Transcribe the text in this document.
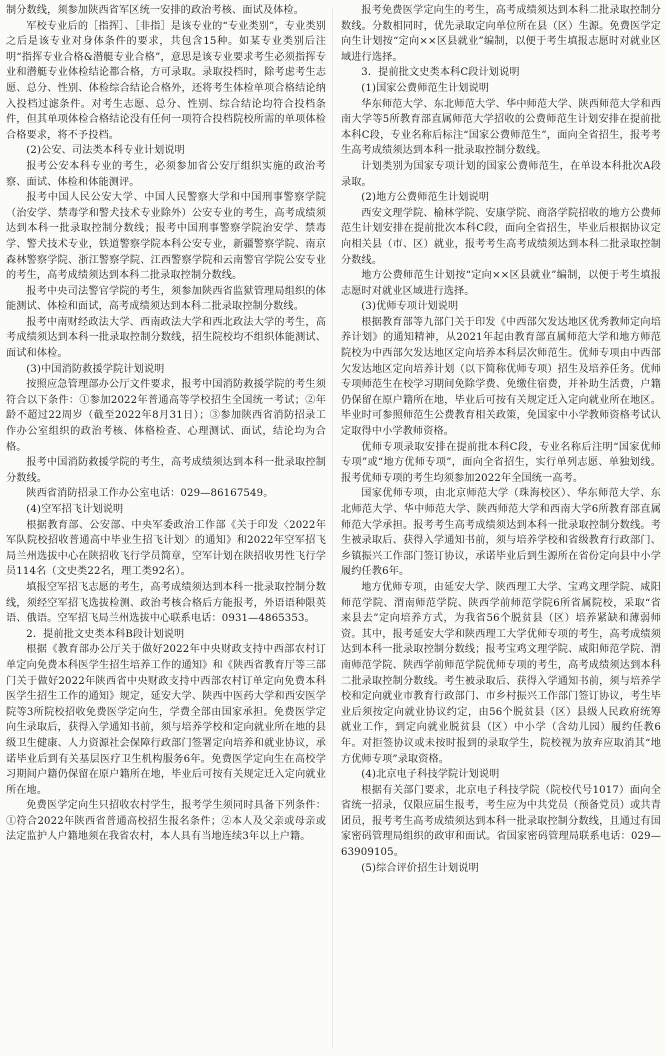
制分数线，须参加陕西省军区统一安排的政治考核、面试及体检。

军校专业后的［指挥］、［非指］是该专业的“专业类别”，专业类别之后是该专业对身体条件的要求，共包含15种。如某专业类别后注明“指挥专业合格&潜艇专业合格”，意思是该专业要求考生必须指挥专业和潜艇专业体检结论都合格，方可录取。录取投档时，除考虑考生志愿、总分、性别、体检综合结论合格外，还将考生体检单项合格结论纳入投档过滤条件。对考生志愿、总分、性别、综合结论均符合投档条件，但其单项体检合格结论没有任何一项符合投档院校所需的单项体检合格要求，将不予投档。

(2)公安、司法类本科专业计划说明

报考公安本科专业的考生，必须参加省公安厅组织实施的政治考察、面试、体检和体能测评。

报考中国人民公安大学、中国人民警察大学和中国刑事警察学院（治安学、禁毒学和警犬技术专业除外）公安专业的考生，高考成绩须达到本科一批录取控制分数线；报考中国刑事警察学院治安学、禁毒学、警犬技术专业，铁道警察学院本科公安专业，新疆警察学院、南京森林警察学院、浙江警察学院、江西警察学院和云南警官学院公安专业的考生，高考成绩须达到本科二批录取控制分数线。

报考中央司法警官学院的考生，须参加陕西省监狱管理局组织的体能测试、体检和面试，高考成绩须达到本科二批录取控制分数线。

报考中南财经政法大学、西南政法大学和西北政法大学的考生，高考成绩须达到本科一批录取控制分数线，招生院校均不组织体能测试、面试和体检。

(3)中国消防救援学院计划说明

按照应急管理部办公厅文件要求，报考中国消防救援学院的考生须符合以下条件：①参加2022年普通高等学校招生全国统一考试；②年龄不超过22周岁（截至2022年8月31日）；③参加陕西省消防招录工作办公室组织的政治考核、体格检查、心理测试、面试，结论均为合格。

报考中国消防救援学院的考生，高考成绩须达到本科一批录取控制分数线。

陕西省消防招录工作办公室电话：029—86167549。

(4)空军招飞计划说明

根据教育部、公安部、中央军委政治工作部《关于印发〈2022年军队院校招收普通高中毕业生招飞计划〉的通知》和2022年空军招飞局兰州选拔中心在陕招收飞行学员简章，空军计划在陕招收男性飞行学员114名（文史类22名，理工类92名）。

填报空军招飞志愿的考生，高考成绩须达到本科一批录取控制分数线，须经空军招飞选拔检测、政治考核合格后方能报考，外语语种限英语、俄语。空军招飞局兰州选拔中心联系电话：0931—4865353。

2．提前批文史类本科B段计划说明

根据《教育部办公厅关于做好2022年中央财政支持中西部农村订单定向免费本科医学生招生培养工作的通知》和《陕西省教育厅等三部门关于做好2022年陕西省中央财政支持中西部农村订单定向免费本科医学生招生工作的通知》规定，延安大学、陕西中医药大学和西安医学院等3所院校招收免费医学定向生，学费全部由国家承担。免费医学定向生录取后，获得入学通知书前，须与培养学校和定向就业所在地的县级卫生健康、人力资源社会保障行政部门签署定向培养和就业协议，承诺毕业后到有关基层医疗卫生机构服务6年。免费医学定向生在高校学习期间户籍仍保留在原户籍所在地，毕业后可按有关规定迁入定向就业所在地。

免费医学定向生只招收农村学生，报考学生须同时具备下列条件：①符合2022年陕西省普通高校招生报名条件；②本人及父亲或母亲或法定监护人户籍地须在我省农村，本人具有当地连续3年以上户籍。

报考免费医学定向生的考生，高考成绩须达到本科二批录取控制分数线。分数相同时，优先录取定向单位所在县（区）生源。免费医学定向生计划按“定向××区县就业”编制，以便于考生填报志愿时对就业区域进行选择。

3．提前批文史类本科C段计划说明

(1)国家公费师范生计划说明

华东师范大学、东北师范大学、华中师范大学、陕西师范大学和西南大学等5所教育部直属师范大学招收的公费师范生计划安排在提前批本科C段，专业名称后标注“国家公费师范生”，面向全省招生，报考考生高考成绩须达到本科一批录取控制分数线。

计划类别为国家专项计划的国家公费师范生，在单设本科批次A段录取。

(2)地方公费师范生计划说明

西安文理学院、榆林学院、安康学院、商洛学院招收的地方公费师范生计划安排在提前批次本科C段，面向全省招生，毕业后根据协议定向相关县（市、区）就业，报考考生高考成绩须达到本科二批录取控制分数线。

地方公费师范生计划按“定向××区县就业”编制，以便于考生填报志愿时对就业区域进行选择。

(3)优师专项计划说明

根据教育部等九部门关于印发《中西部欠发达地区优秀教师定向培养计划》的通知精神，从2021年起由教育部直属师范大学和地方师范院校为中西部欠发达地区定向培养本科层次师范生。优师专项由中西部欠发达地区定向培养计划（以下简称优师专项）招生及培养任务。优师专项师范生在校学习期间免除学费、免缴住宿费，并补助生活费，户籍仍保留在原户籍所在地，毕业后可按有关规定迁入定向就业所在地区。毕业时可参照师范生公费教育相关政策，免国家中小学教师资格考试认定取得中小学教师资格。

优师专项录取安排在提前批本科C段，专业名称后注明“国家优师专项”或“地方优师专项”，面向全省招生，实行单列志愿、单独划线。报考优师专项的考生均须参加2022年全国统一高考。

国家优师专项，由北京师范大学（珠海校区）、华东师范大学、东北师范大学、华中师范大学、陕西师范大学和西南大学6所教育部直属师范大学承担。报考考生高考成绩须达到本科一批录取控制分数线。考生被录取后、获得入学通知书前，须与培养学校和省级教育行政部门、乡镇振兴工作部门签订协议，承诺毕业后到生源所在省份定向县中小学履约任教6年。

地方优师专项，由延安大学、陕西理工大学、宝鸡文理学院、咸阳师范学院、渭南师范学院、陕西学前师范学院6所省属院校，采取“省来县去”定向培养方式，为我省56个脱贫县（区）培养紧缺和薄弱师资。其中，报考延安大学和陕西理工大学优师专项的考生，高考成绩须达到本科一批录取控制分数线；报考宝鸡文理学院、咸阳师范学院、渭南师范学院、陕西学前师范学院优师专项的考生，高考成绩须达到本科二批录取控制分数线。考生被录取后、获得入学通知书前，须与培养学校和定向就业市教育行政部门、市乡村振兴工作部门签订协议，考生毕业后须按定向就业协议约定，由56个脱贫县（区）县级人民政府统筹就业工作，到定向就业脱贫县（区）中小学（含幼儿园）履约任教6年。对拒签协议或未按时报到的录取学生，院校视为放弃应取消其“地方优师专项”录取资格。

(4)北京电子科技学院计划说明

根据有关部门要求，北京电子科技学院（院校代号1017）面向全省统一招录，仅限应届生报考，考生应为中共党员（预备党员）或共青团员，报考考生高考成绩须达到本科一批录取控制分数线，且通过有国家密码管理局组织的政审和面试。省国家密码管理局联系电话：029—63909105。

(5)综合评价招生计划说明
